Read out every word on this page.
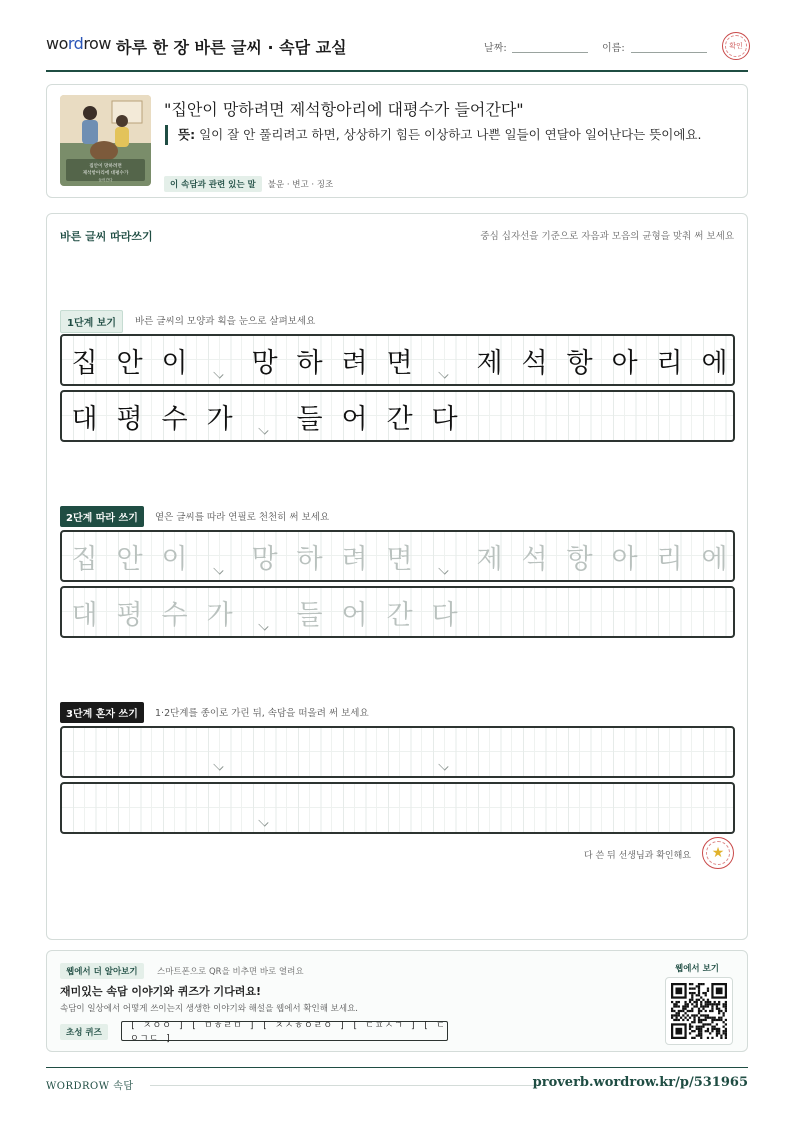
wordrow 하루 한 장 바른 글씨 · 속담 교실	날짜:	이름:	확인
집안이 망하려면
제석항아리에 대평수가
들어간다
"집안이 망하려면 제석항아리에 대평수가 들어간다"
뜻: 일이 잘 안 풀리려고 하면, 상상하기 힘든 이상하고 나쁜 일들이 연달아 일어난다는 뜻이에요.
이 속담과 관련 있는 말	불운 · 변고 · 징조
바른 글씨 따라쓰기	중심 십자선을 기준으로 자음과 모음의 균형을 맞춰 써 보세요
1단계 보기	바른 글씨의 모양과 획을 눈으로 살펴보세요
집 안 이	망 하 려 면	제 석 항 아 리 에
대 평 수 가	들 어 간 다
2단계 따라 쓰기	옅은 글씨를 따라 연필로 천천히 써 보세요
집 안 이	망 하 려 면	제 석 항 아 리 에
대 평 수 가	들 어 간 다
3단계 혼자 쓰기	1·2단계를 종이로 가린 뒤, 속담을 떠올려 써 보세요
다 쓴 뒤 선생님과 확인해요	★
웹에서 더 알아보기	스마트폰으로 QR을 비추면 바로 열려요
재미있는 속담 이야기와 퀴즈가 기다려요!
속담이 일상에서 어떻게 쓰이는지 생생한 이야기와 해설을 웹에서 확인해 보세요.
초성 퀴즈
[ ㅈㅇㅇ ] [ ㅁㅎㄹㅁ ] [ ㅈㅅㅎㅇㄹㅇ ] [ ㄷㅍㅅㄱ ] [ ㄷㅇㄱㄷ ]
웹에서 보기
WORDROW 속담	proverb.wordrow.kr/p/531965
